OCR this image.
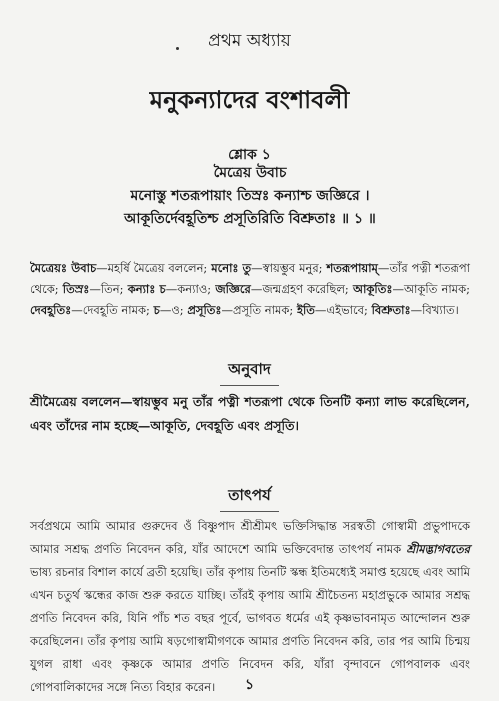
প্রথম অধ্যায়
মনুকন্যাদের বংশাবলী
শ্লোক ১
মৈত্রেয় উবাচ
মনোস্তু শতরূপায়াং তিস্রঃ কন্যাশ্চ জজ্ঞিরে ।
আকূতির্দেবহূতিশ্চ প্রসূতিরিতি বিশ্রুতাঃ ॥ ১ ॥
মৈত্রেয়ঃ উবাচ—মহর্ষি মৈত্রেয় বললেন; মনোঃ তু—স্বায়ম্ভুব মনুর; শতরূপায়াম্—তাঁর পত্নী শতরূপা থেকে; তিস্রঃ—তিন; কন্যাঃ চ—কন্যাও; জজ্ঞিরে—জন্মগ্রহণ করেছিল; আকূতিঃ—আকূতি নামক; দেবহূতিঃ—দেবহূতি নামক; চ—ও; প্রসূতিঃ—প্রসূতি নামক; ইতি—এইভাবে; বিশ্রুতাঃ—বিখ্যাত।
অনুবাদ
শ্রীমৈত্রেয় বললেন—স্বায়ম্ভুব মনু তাঁর পত্নী শতরূপা থেকে তিনটি কন্যা লাভ করেছিলেন, এবং তাঁদের নাম হচ্ছে—আকূতি, দেবহূতি এবং প্রসূতি।
তাৎপর্য
সর্বপ্রথমে আমি আমার গুরুদেব ওঁ বিষ্ণুপাদ শ্রীশ্রীমৎ ভক্তিসিদ্ধান্ত সরস্বতী গোস্বামী প্রভুপাদকে আমার সশ্রদ্ধ প্রণতি নিবেদন করি, যাঁর আদেশে আমি ভক্তিবেদান্ত তাৎপর্য নামক শ্রীমদ্ভাগবতের ভাষ্য রচনার বিশাল কার্যে ব্রতী হয়েছি। তাঁর কৃপায় তিনটি স্কন্ধ ইতিমধ্যেই সমাপ্ত হয়েছে এবং আমি এখন চতুর্থ স্কন্ধের কাজ শুরু করতে যাচ্ছি। তাঁরই কৃপায় আমি শ্রীচৈতন্য মহাপ্রভুকে আমার সশ্রদ্ধ প্রণতি নিবেদন করি, যিনি পাঁচ শত বছর পূর্বে, ভাগবত ধর্মের এই কৃষ্ণভাবনামৃত আন্দোলন শুরু করেছিলেন। তাঁর কৃপায় আমি ষড়গোস্বামীগণকে আমার প্রণতি নিবেদন করি, তার পর আমি চিন্ময় যুগল রাধা এবং কৃষ্ণকে আমার প্রণতি নিবেদন করি, যাঁরা বৃন্দাবনে গোপবালক এবং গোপবালিকাদের সঙ্গে নিত্য বিহার করেন।	১
